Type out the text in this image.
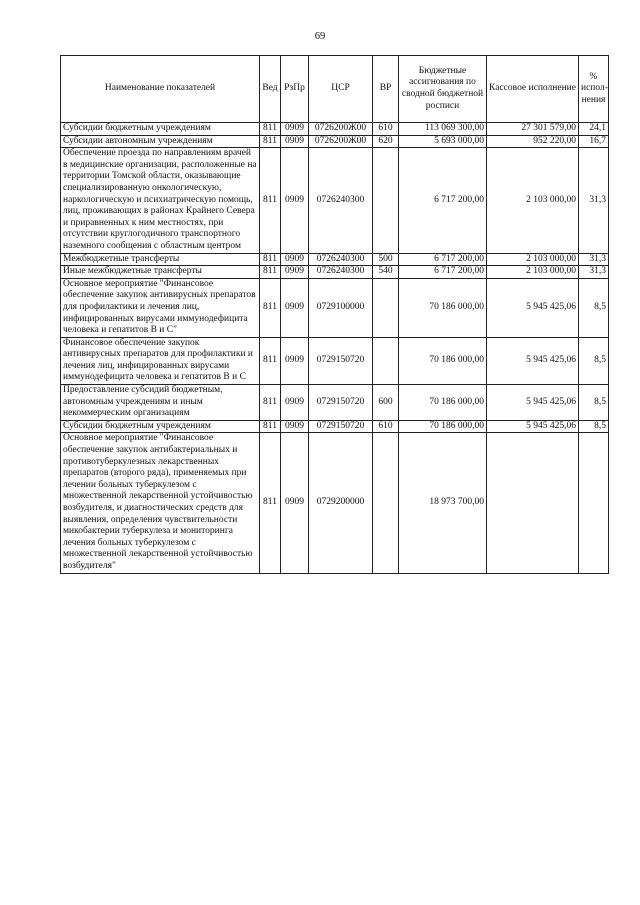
69
Наименование показателей	Вед	РзПр	ЦСР	ВР	Бюджетные ассигнования по сводной бюджетной росписи	Кассовое исполнение	% испол-нения
Субсидии бюджетным учреждениям	811	0909	0726200Ж00	610	113 069 300,00	27 301 579,00	24,1
Субсидии автономным учреждениям	811	0909	0726200Ж00	620	5 693 000,00	952 220,00	16,7
Обеспечение проезда по направлениям врачей в медицинские организации, расположенные на территории Томской области, оказывающие специализированную онкологическую, наркологическую и психиатрическую помощь, лиц, проживающих в районах Крайнего Севера и приравненных к ним местностях, при отсутствии круглогодичного транспортного наземного сообщения с областным центром	811	0909	0726240300		6 717 200,00	2 103 000,00	31,3
Межбюджетные трансферты	811	0909	0726240300	500	6 717 200,00	2 103 000,00	31,3
Иные межбюджетные трансферты	811	0909	0726240300	540	6 717 200,00	2 103 000,00	31,3
Основное мероприятие "Финансовое обеспечение закупок антивирусных препаратов для профилактики и лечения лиц, инфицированных вирусами иммунодефицита человека и гепатитов В и С"	811	0909	0729100000		70 186 000,00	5 945 425,06	8,5
Финансовое обеспечение закупок антивирусных препаратов для профилактики и лечения лиц, инфицированных вирусами иммунодефицита человека и гепатитов В и С	811	0909	0729150720		70 186 000,00	5 945 425,06	8,5
Предоставление субсидий бюджетным, автономным учреждениям и иным некоммерческим организациям	811	0909	0729150720	600	70 186 000,00	5 945 425,06	8,5
Субсидии бюджетным учреждениям	811	0909	0729150720	610	70 186 000,00	5 945 425,06	8,5
Основное мероприятие "Финансовое обеспечение закупок антибактериальных и противотуберкулезных лекарственных препаратов (второго ряда), применяемых при лечении больных туберкулезом с множественной лекарственной устойчивостью возбудителя, и диагностических средств для выявления, определения чувствительности микобактерии туберкулеза и мониторинга лечения больных туберкулезом с множественной лекарственной устойчивостью возбудителя"	811	0909	0729200000		18 973 700,00		
